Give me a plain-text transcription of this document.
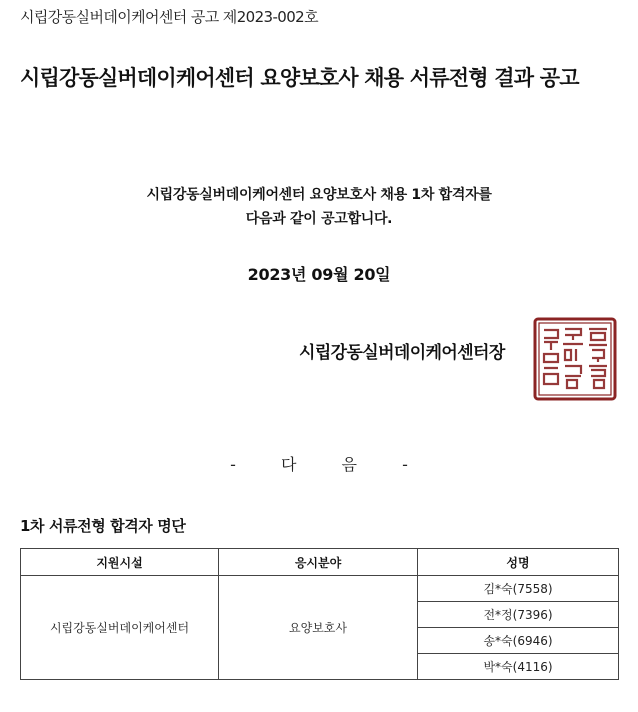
시립강동실버데이케어센터 공고 제2023-002호
시립강동실버데이케어센터 요양보호사 채용 서류전형 결과 공고
시립강동실버데이케어센터 요양보호사 채용 1차 합격자를
다음과 같이 공고합니다.
2023년 09월 20일
시립강동실버데이케어센터장
-	다	음	-
1차 서류전형 합격자 명단
지원시설	응시분야	성명
시립강동실버데이케어센터	요양보호사	김*숙(7558)
		전*정(7396)
		송*숙(6946)
		박*숙(4116)
